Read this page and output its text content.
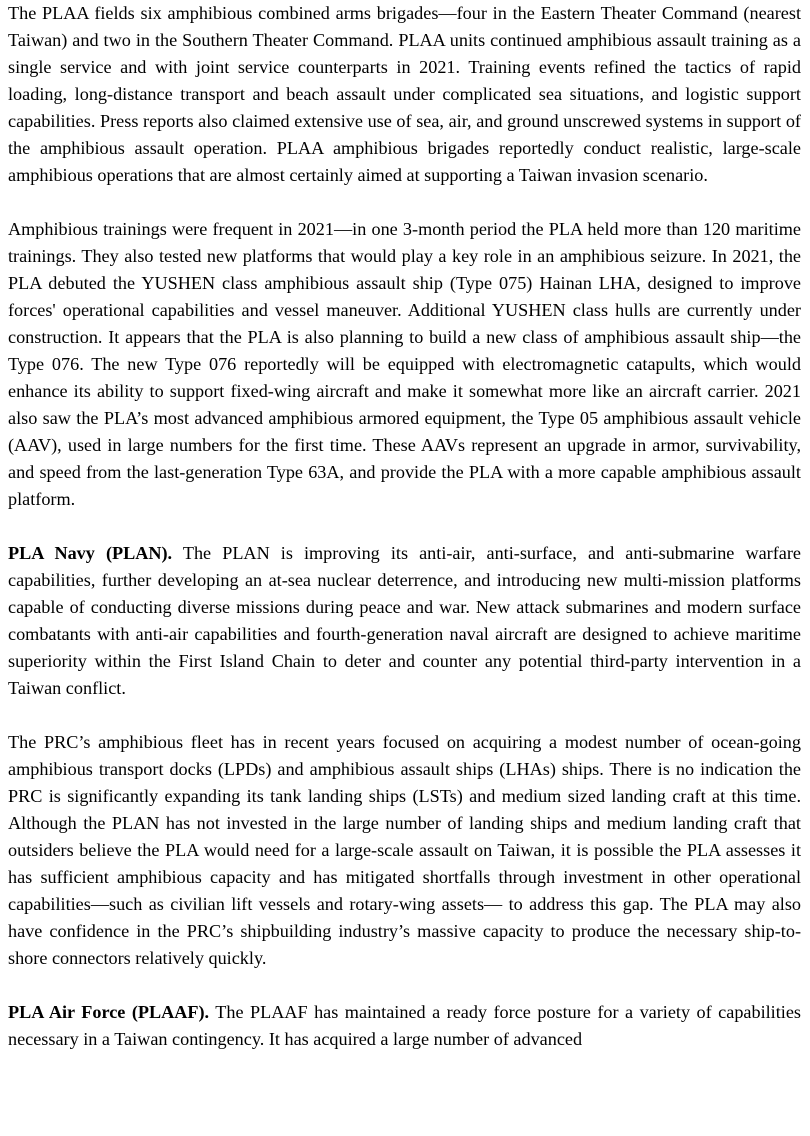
The PLAA fields six amphibious combined arms brigades—four in the Eastern Theater Command (nearest Taiwan) and two in the Southern Theater Command. PLAA units continued amphibious assault training as a single service and with joint service counterparts in 2021. Training events refined the tactics of rapid loading, long-distance transport and beach assault under complicated sea situations, and logistic support capabilities. Press reports also claimed extensive use of sea, air, and ground unscrewed systems in support of the amphibious assault operation. PLAA amphibious brigades reportedly conduct realistic, large-scale amphibious operations that are almost certainly aimed at supporting a Taiwan invasion scenario.

Amphibious trainings were frequent in 2021—in one 3-month period the PLA held more than 120 maritime trainings. They also tested new platforms that would play a key role in an amphibious seizure. In 2021, the PLA debuted the YUSHEN class amphibious assault ship (Type 075) Hainan LHA, designed to improve forces' operational capabilities and vessel maneuver. Additional YUSHEN class hulls are currently under construction. It appears that the PLA is also planning to build a new class of amphibious assault ship—the Type 076. The new Type 076 reportedly will be equipped with electromagnetic catapults, which would enhance its ability to support fixed-wing aircraft and make it somewhat more like an aircraft carrier. 2021 also saw the PLA’s most advanced amphibious armored equipment, the Type 05 amphibious assault vehicle (AAV), used in large numbers for the first time. These AAVs represent an upgrade in armor, survivability, and speed from the last-generation Type 63A, and provide the PLA with a more capable amphibious assault platform.

PLA Navy (PLAN). The PLAN is improving its anti-air, anti-surface, and anti-submarine warfare capabilities, further developing an at-sea nuclear deterrence, and introducing new multi-mission platforms capable of conducting diverse missions during peace and war. New attack submarines and modern surface combatants with anti-air capabilities and fourth-generation naval aircraft are designed to achieve maritime superiority within the First Island Chain to deter and counter any potential third-party intervention in a Taiwan conflict.

The PRC’s amphibious fleet has in recent years focused on acquiring a modest number of ocean-going amphibious transport docks (LPDs) and amphibious assault ships (LHAs) ships. There is no indication the PRC is significantly expanding its tank landing ships (LSTs) and medium sized landing craft at this time. Although the PLAN has not invested in the large number of landing ships and medium landing craft that outsiders believe the PLA would need for a large-scale assault on Taiwan, it is possible the PLA assesses it has sufficient amphibious capacity and has mitigated shortfalls through investment in other operational capabilities—such as civilian lift vessels and rotary-wing assets— to address this gap. The PLA may also have confidence in the PRC’s shipbuilding industry’s massive capacity to produce the necessary ship-to-shore connectors relatively quickly.

PLA Air Force (PLAAF). The PLAAF has maintained a ready force posture for a variety of capabilities necessary in a Taiwan contingency. It has acquired a large number of advanced
